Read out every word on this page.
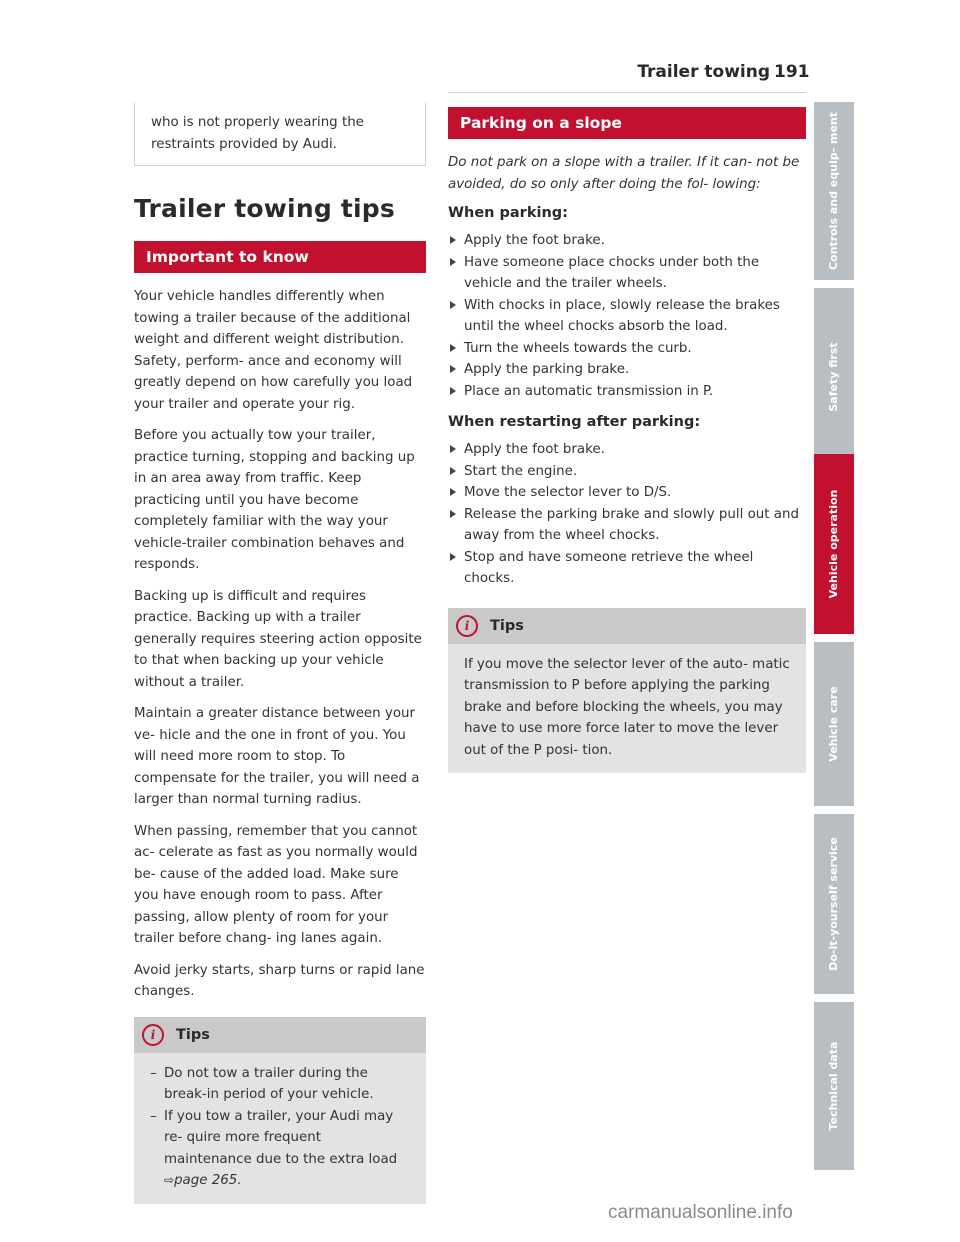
Trailer towing 191
who is not properly wearing the restraints provided by Audi.
Trailer towing tips
Important to know

Your vehicle handles differently when towing a trailer because of the additional weight and different weight distribution. Safety, perform- ance and economy will greatly depend on how carefully you load your trailer and operate your rig.

Before you actually tow your trailer, practice turning, stopping and backing up in an area away from traffic. Keep practicing until you have become completely familiar with the way your vehicle-trailer combination behaves and responds.

Backing up is difficult and requires practice. Backing up with a trailer generally requires steering action opposite to that when backing up your vehicle without a trailer.

Maintain a greater distance between your ve- hicle and the one in front of you. You will need more room to stop. To compensate for the trailer, you will need a larger than normal turning radius.

When passing, remember that you cannot ac- celerate as fast as you normally would be- cause of the added load. Make sure you have enough room to pass. After passing, allow plenty of room for your trailer before chang- ing lanes again.

Avoid jerky starts, sharp turns or rapid lane changes.

i	Tips
– Do not tow a trailer during the break-in period of your vehicle.
– If you tow a trailer, your Audi may re- quire more frequent maintenance due to the extra load ⇨page 265.
Parking on a slope

Do not park on a slope with a trailer. If it can- not be avoided, do so only after doing the fol- lowing:

When parking:
Apply the foot brake.
Have someone place chocks under both the vehicle and the trailer wheels.
With chocks in place, slowly release the brakes until the wheel chocks absorb the load.
Turn the wheels towards the curb.
Apply the parking brake.
Place an automatic transmission in P.
When restarting after parking:
Apply the foot brake.
Start the engine.
Move the selector lever to D/S.
Release the parking brake and slowly pull out and away from the wheel chocks.
Stop and have someone retrieve the wheel chocks.
i	Tips
If you move the selector lever of the auto- matic transmission to P before applying the parking brake and before blocking the wheels, you may have to use more force later to move the lever out of the P posi- tion.
Controls and equip- ment
Safety first
Vehicle operation
Vehicle care
Do-it-yourself service
Technical data
carmanualsonline.info
